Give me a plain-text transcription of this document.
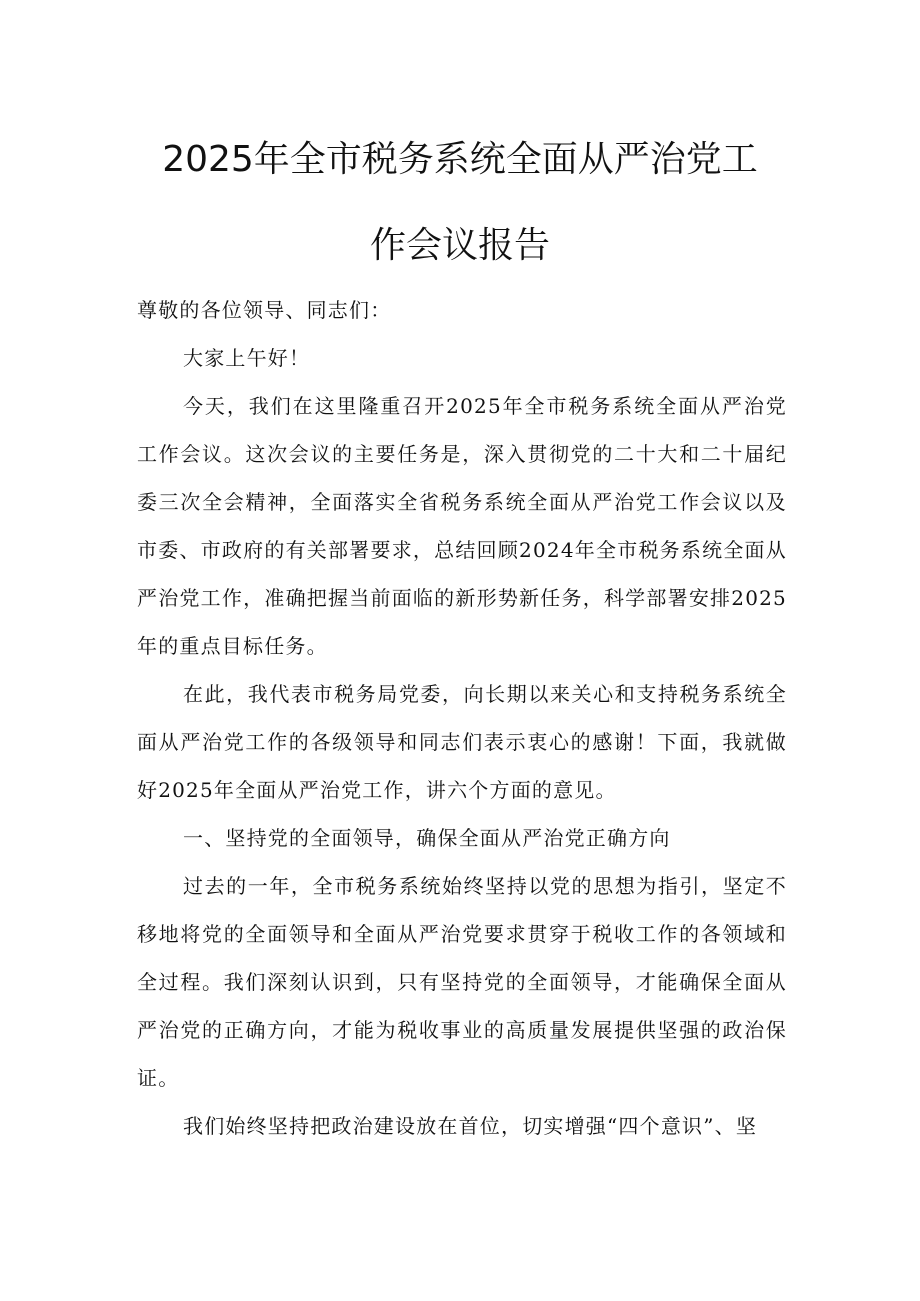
2025年全市税务系统全面从严治党工
作会议报告

尊敬的各位领导、同志们：

大家上午好！

今天，我们在这里隆重召开2025年全市税务系统全面从严治党工作会议。这次会议的主要任务是，深入贯彻党的二十大和二十届纪委三次全会精神，全面落实全省税务系统全面从严治党工作会议以及市委、市政府的有关部署要求，总结回顾2024年全市税务系统全面从严治党工作，准确把握当前面临的新形势新任务，科学部署安排2025年的重点目标任务。

在此，我代表市税务局党委，向长期以来关心和支持税务系统全面从严治党工作的各级领导和同志们表示衷心的感谢！下面，我就做好2025年全面从严治党工作，讲六个方面的意见。

一、坚持党的全面领导，确保全面从严治党正确方向

过去的一年，全市税务系统始终坚持以党的思想为指引，坚定不移地将党的全面领导和全面从严治党要求贯穿于税收工作的各领域和全过程。我们深刻认识到，只有坚持党的全面领导，才能确保全面从严治党的正确方向，才能为税收事业的高质量发展提供坚强的政治保证。

我们始终坚持把政治建设放在首位，切实增强“四个意识”、坚
